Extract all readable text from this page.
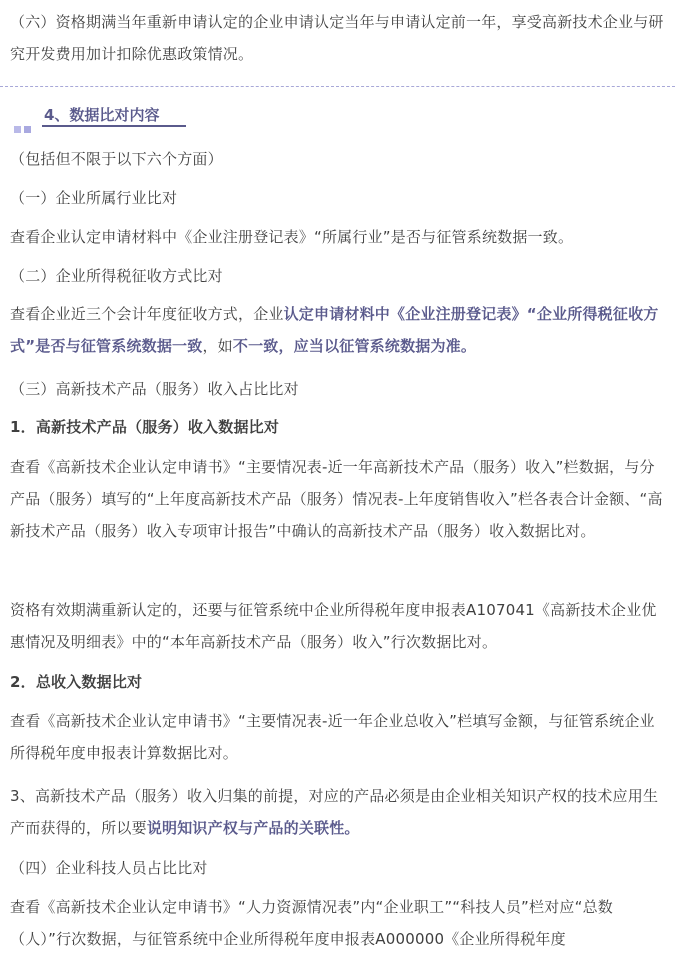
（六）资格期满当年重新申请认定的企业申请认定当年与申请认定前一年，享受高新技术企业与研究开发费用加计扣除优惠政策情况。

4、数据比对内容

（包括但不限于以下六个方面）

（一）企业所属行业比对

查看企业认定申请材料中《企业注册登记表》“所属行业”是否与征管系统数据一致。

（二）企业所得税征收方式比对

查看企业近三个会计年度征收方式，企业认定申请材料中《企业注册登记表》“企业所得税征收方式”是否与征管系统数据一致，如不一致，应当以征管系统数据为准。

（三）高新技术产品（服务）收入占比比对

1．高新技术产品（服务）收入数据比对

查看《高新技术企业认定申请书》“主要情况表-近一年高新技术产品（服务）收入”栏数据，与分产品（服务）填写的“上年度高新技术产品（服务）情况表-上年度销售收入”栏各表合计金额、“高新技术产品（服务）收入专项审计报告”中确认的高新技术产品（服务）收入数据比对。

资格有效期满重新认定的，还要与征管系统中企业所得税年度申报表A107041《高新技术企业优惠情况及明细表》中的“本年高新技术产品（服务）收入”行次数据比对。

2．总收入数据比对

查看《高新技术企业认定申请书》“主要情况表-近一年企业总收入”栏填写金额，与征管系统企业所得税年度申报表计算数据比对。

3、高新技术产品（服务）收入归集的前提，对应的产品必须是由企业相关知识产权的技术应用生产而获得的，所以要说明知识产权与产品的关联性。

（四）企业科技人员占比比对

查看《高新技术企业认定申请书》“人力资源情况表”内“企业职工”“科技人员”栏对应“总数（人）”行次数据，与征管系统中企业所得税年度申报表A000000《企业所得税年度
